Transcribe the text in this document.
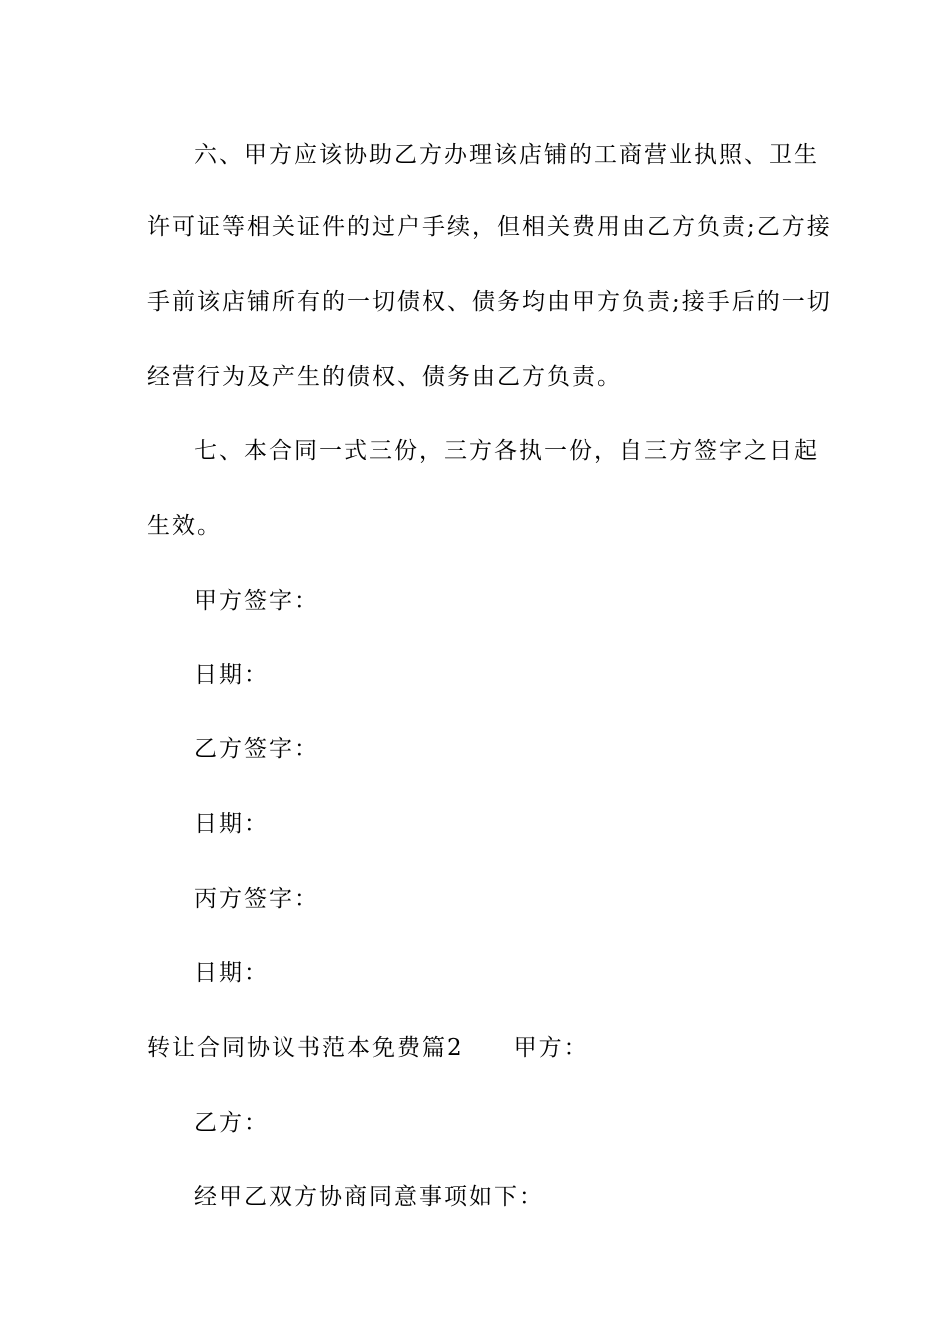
六、甲方应该协助乙方办理该店铺的工商营业执照、卫生
许可证等相关证件的过户手续，但相关费用由乙方负责;乙方接
手前该店铺所有的一切债权、债务均由甲方负责;接手后的一切
经营行为及产生的债权、债务由乙方负责。
七、本合同一式三份，三方各执一份，自三方签字之日起
生效。
甲方签字：
日期：
乙方签字：
日期：
丙方签字：
日期：
转让合同协议书范本免费篇2 甲方：
乙方：
经甲乙双方协商同意事项如下：
